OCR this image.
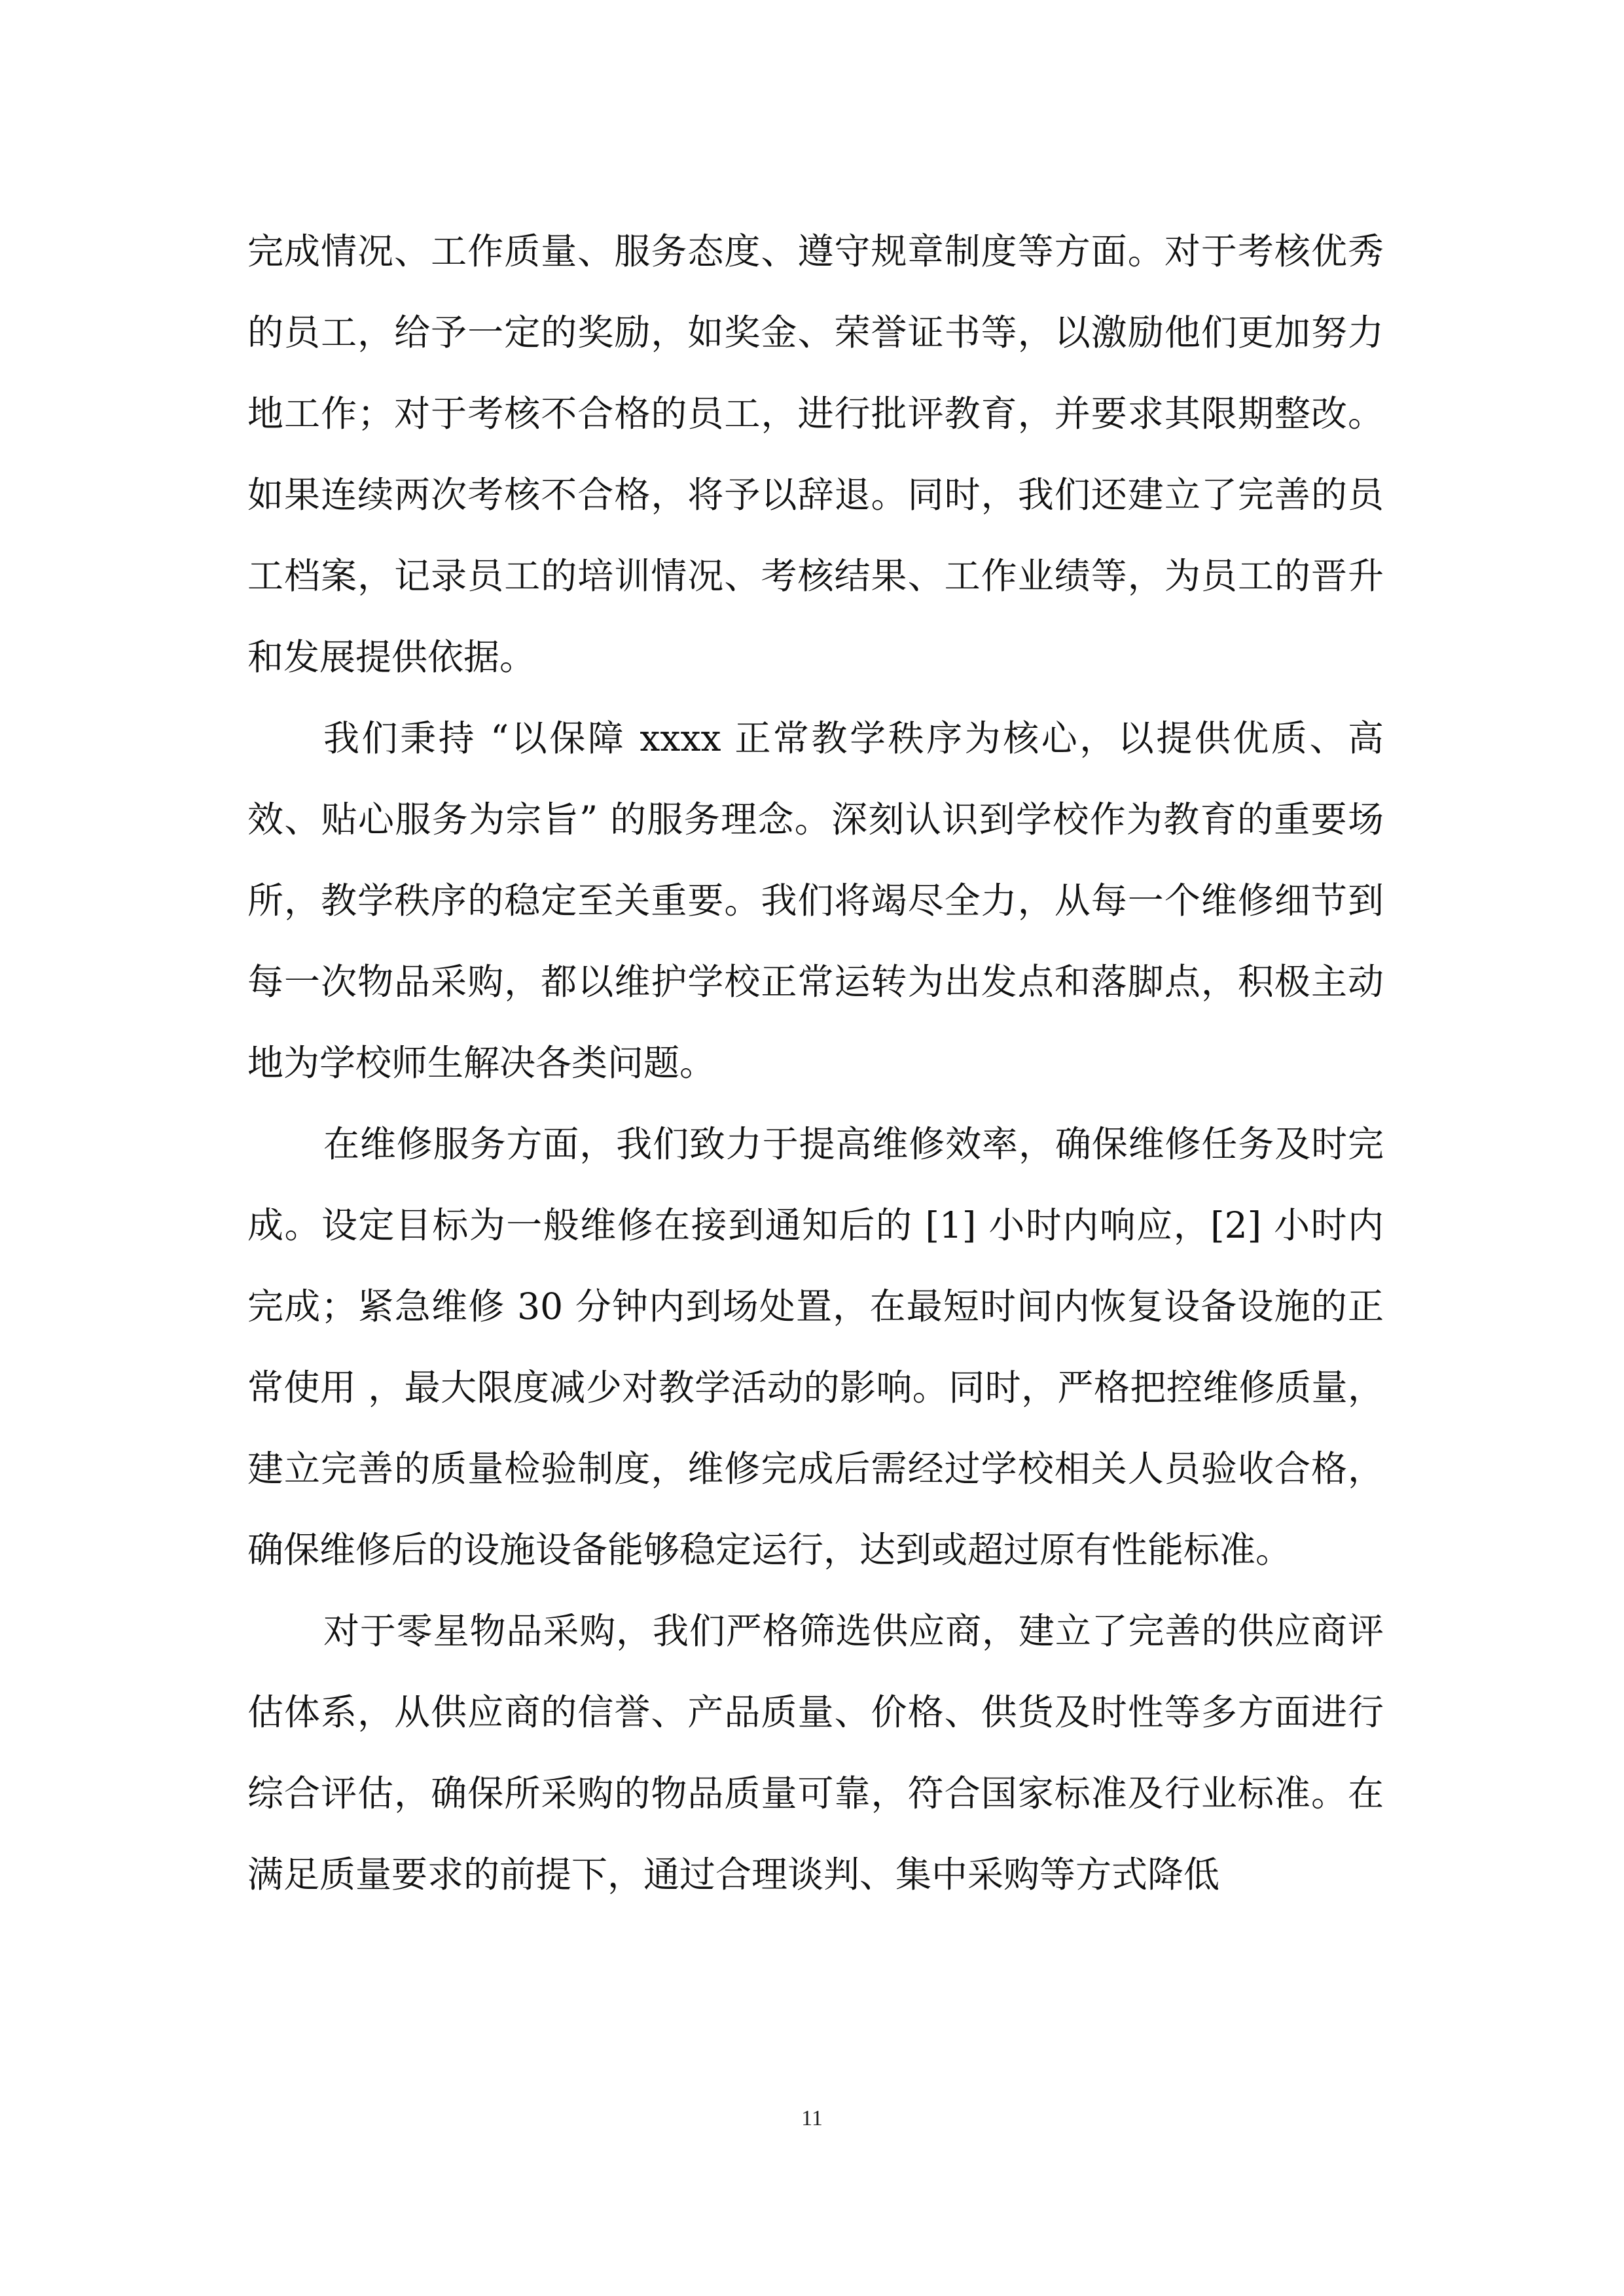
完成情况、工作质量、服务态度、遵守规章制度等方面。对于考核优秀的员工，给予一定的奖励，如奖金、荣誉证书等，以激励他们更加努力地工作；对于考核不合格的员工，进行批评教育，并要求其限期整改。如果连续两次考核不合格，将予以辞退。同时，我们还建立了完善的员工档案，记录员工的培训情况、考核结果、工作业绩等，为员工的晋升和发展提供依据。

我们秉持 “以保障 xxxx 正常教学秩序为核心，以提供优质、高效、贴心服务为宗旨” 的服务理念。深刻认识到学校作为教育的重要场所，教学秩序的稳定至关重要。我们将竭尽全力，从每一个维修细节到每一次物品采购，都以维护学校正常运转为出发点和落脚点，积极主动地为学校师生解决各类问题。

在维修服务方面，我们致力于提高维修效率，确保维修任务及时完成。设定目标为一般维修在接到通知后的 [1] 小时内响应，[2] 小时内完成；紧急维修 30 分钟内到场处置，在最短时间内恢复设备设施的正常使用 ，最大限度减少对教学活动的影响。同时，严格把控维修质量，建立完善的质量检验制度，维修完成后需经过学校相关人员验收合格，确保维修后的设施设备能够稳定运行，达到或超过原有性能标准。

对于零星物品采购，我们严格筛选供应商，建立了完善的供应商评估体系，从供应商的信誉、产品质量、价格、供货及时性等多方面进行综合评估，确保所采购的物品质量可靠，符合国家标准及行业标准。在满足质量要求的前提下，通过合理谈判、集中采购等方式降低

11
